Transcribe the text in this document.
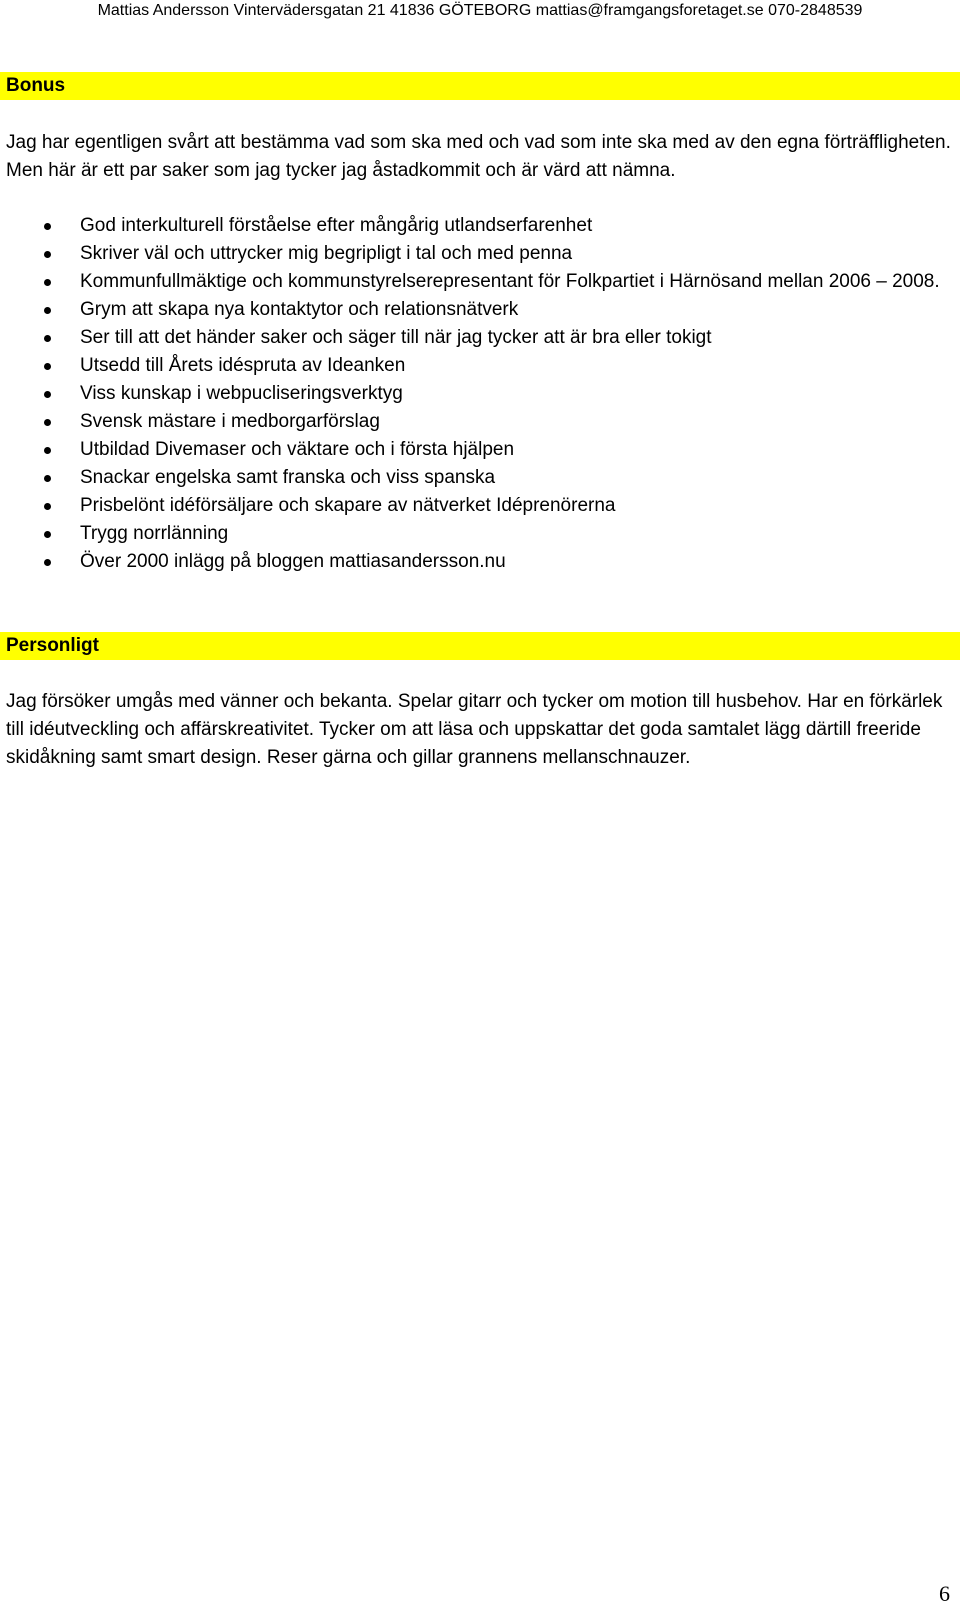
Mattias Andersson Vintervädersgatan 21 41836 GÖTEBORG mattias@framgangsforetaget.se 070-2848539
Bonus

Jag har egentligen svårt att bestämma vad som ska med och vad som inte ska med av den egna förträffligheten. Men här är ett par saker som jag tycker jag åstadkommit och är värd att nämna.

God interkulturell förståelse efter mångårig utlandserfarenhet
Skriver väl och uttrycker mig begripligt i tal och med penna
Kommunfullmäktige och kommunstyrelserepresentant för Folkpartiet i Härnösand mellan 2006 – 2008.
Grym att skapa nya kontaktytor och relationsnätverk
Ser till att det händer saker och säger till när jag tycker att är bra eller tokigt
Utsedd till Årets idéspruta av Ideanken
Viss kunskap i webpucliseringsverktyg
Svensk mästare i medborgarförslag
Utbildad Divemaser och väktare och i första hjälpen
Snackar engelska samt franska och viss spanska
Prisbelönt idéförsäljare och skapare av nätverket Idéprenörerna
Trygg norrlänning
Över 2000 inlägg på bloggen mattiasandersson.nu
Personligt

Jag försöker umgås med vänner och bekanta. Spelar gitarr och tycker om motion till husbehov. Har en förkärlek till idéutveckling och affärskreativitet. Tycker om att läsa och uppskattar det goda samtalet lägg därtill freeride skidåkning samt smart design. Reser gärna och gillar grannens mellanschnauzer.

6
